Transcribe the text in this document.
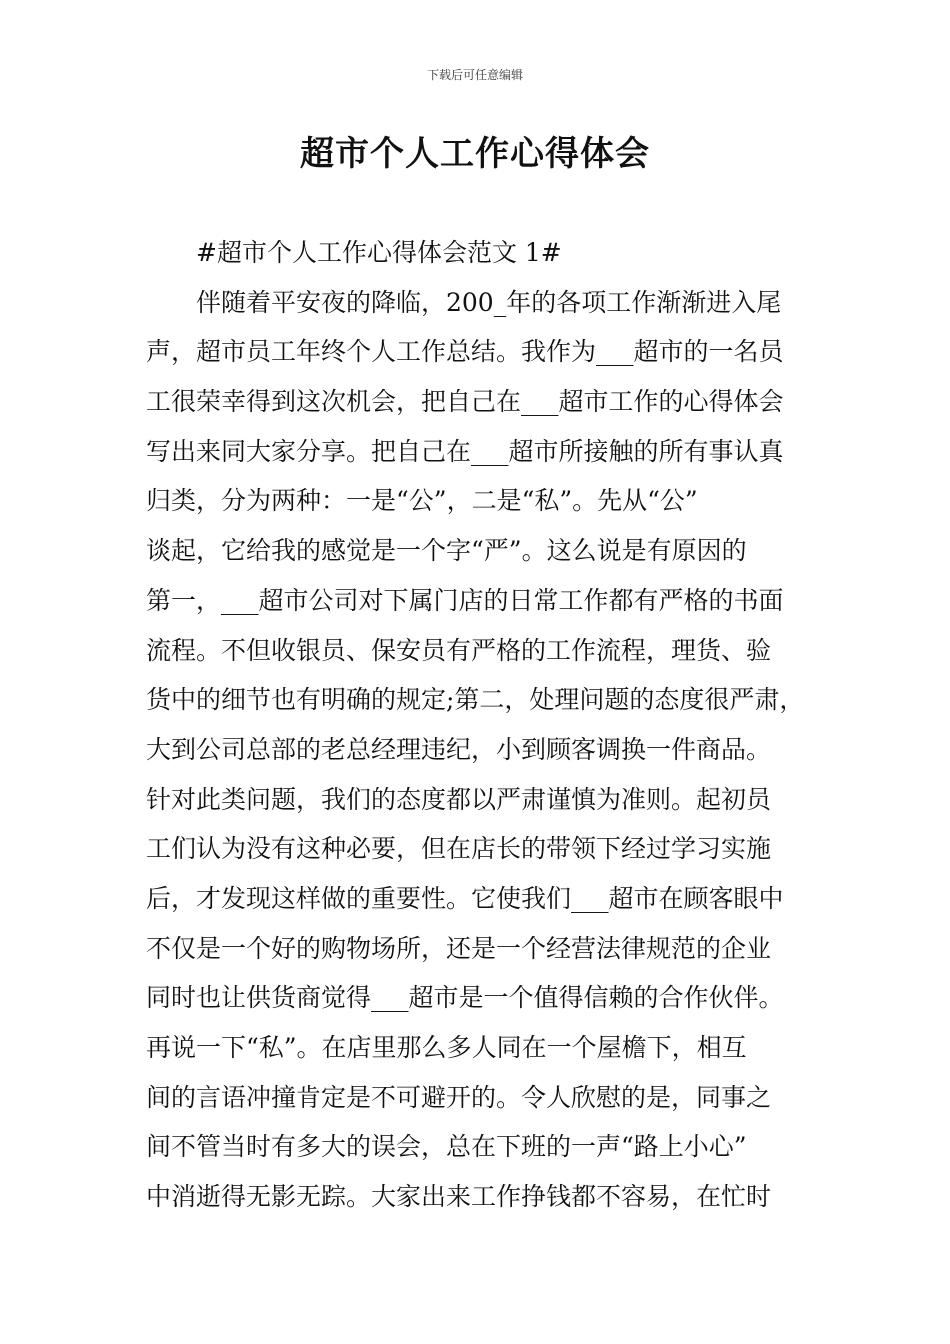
下载后可任意编辑
超市个人工作心得体会
#超市个人工作心得体会范文 1#
伴随着平安夜的降临，200_年的各项工作渐渐进入尾
声，超市员工年终个人工作总结。我作为___超市的一名员
工很荣幸得到这次机会，把自己在___超市工作的心得体会
写出来同大家分享。把自己在___超市所接触的所有事认真
归类，分为两种：一是“公”，二是“私”。先从“公”
谈起，它给我的感觉是一个字“严”。这么说是有原因的
第一，___超市公司对下属门店的日常工作都有严格的书面
流程。不但收银员、保安员有严格的工作流程，理货、验
货中的细节也有明确的规定;第二，处理问题的态度很严肃，
大到公司总部的老总经理违纪，小到顾客调换一件商品。
针对此类问题，我们的态度都以严肃谨慎为准则。起初员
工们认为没有这种必要，但在店长的带领下经过学习实施
后，才发现这样做的重要性。它使我们___超市在顾客眼中
不仅是一个好的购物场所，还是一个经营法律规范的企业
同时也让供货商觉得___超市是一个值得信赖的合作伙伴。
再说一下“私”。在店里那么多人同在一个屋檐下，相互
间的言语冲撞肯定是不可避开的。令人欣慰的是，同事之
间不管当时有多大的误会，总在下班的一声“路上小心”
中消逝得无影无踪。大家出来工作挣钱都不容易，在忙时
